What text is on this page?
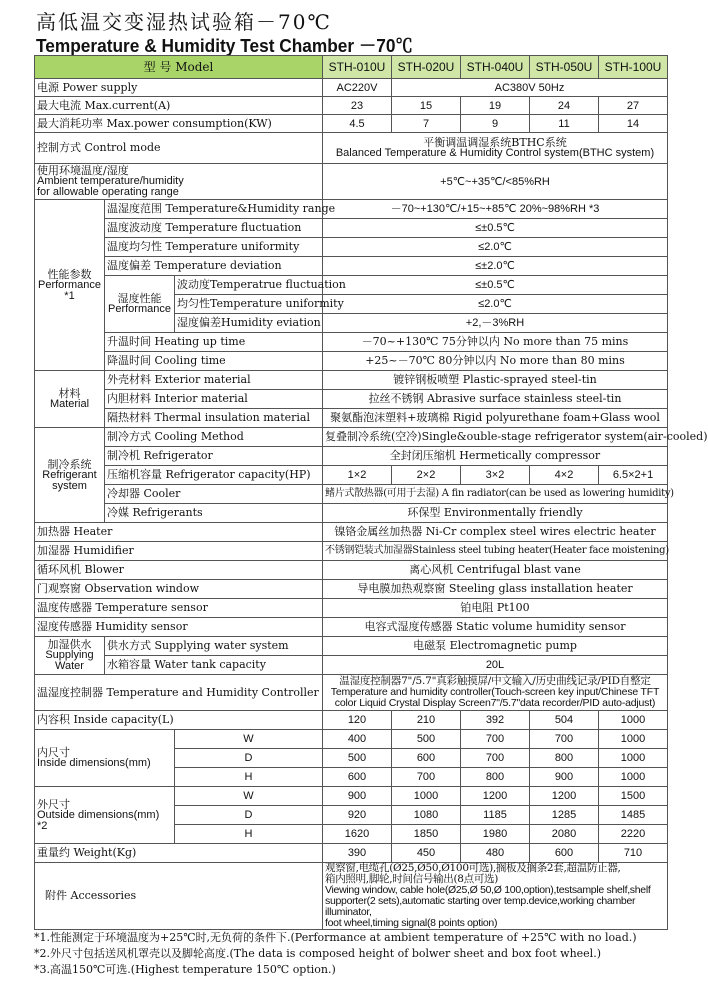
高低温交变湿热试验箱－70℃
Temperature & Humidity Test Chamber －70℃
型 号 Model			STH-010U	STH-020U	STH-040U	STH-050U	STH-100U
电源 Power supply			AC220V	AC380V 50Hz			
最大电流 Max.current(A)			23	15	19	24	27
最大消耗功率 Max.power consumption(KW)			4.5	7	9	11	14
控制方式 Control mode			平衡调温调湿系统BTHC系统
Balanced Temperature & Humidity Control system(BTHC system)				

使用环境温度/湿度
Ambient temperature/humidity
for allowable operating range			+5℃~+35℃/<85%RH				

性能参数
Performance
*1	温湿度范围 Temperature&Humidity range		－70~+130℃/+15~+85℃ 20%~98%RH *3				
	温度波动度 Temperature fluctuation		≤±0.5℃				
	温度均匀性 Temperature uniformity		≤2.0℃				
	温度偏差 Temperature deviation		≤±2.0℃				

	湿度性能
Performance	波动度Temperatrue fluctuation	≤±0.5℃				
		均匀性Temperature uniformity	≤2.0℃				
		湿度偏差Humidity eviation	+2,－3%RH				
	升温时间 Heating up time		－70~+130℃ 75分钟以内 No more than 75 mins				
	降温时间 Cooling time		+25~－70℃ 80分钟以内 No more than 80 mins				

材料
Material	外壳材料 Exterior material		镀锌钢板喷塑 Plastic-sprayed steel-tin				
	内胆材料 Interior material		拉丝不锈钢 Abrasive surface stainless steel-tin				
	隔热材料 Thermal insulation material		聚氨酯泡沫塑料+玻璃棉 Rigid polyurethane foam+Glass wool				

制冷系统
Refrigerant
system	制冷方式 Cooling Method		复叠制冷系统(空冷)Single&ouble-stage refrigerator system(air-cooled)				
	制冷机 Refrigerator		全封闭压缩机 Hermetically compressor				
	压缩机容量 Refrigerator capacity(HP)		1×2	2×2	3×2	4×2	6.5×2+1
	冷却器 Cooler		鳍片式散热器(可用于去湿) A fin radiator(can be used as lowering humidity)				
	冷媒 Refrigerants		环保型 Environmentally friendly				
加热器 Heater			镍铬金属丝加热器 Ni-Cr complex steel wires electric heater				
加湿器 Humidifier			不锈钢铠装式加湿器Stainless steel tubing heater(Heater face moistening)				
循环风机 Blower			离心风机 Centrifugal blast vane				
门观察窗 Observation window			导电膜加热观察窗 Steeling glass installation heater				
温度传感器 Temperature sensor			铂电阻 Pt100				
湿度传感器 Humidity sensor			电容式湿度传感器 Static volume humidity sensor				

加湿供水
Supplying
Water	供水方式 Supplying water system		电磁泵 Electromagnetic pump				
	水箱容量 Water tank capacity		20L				
温湿度控制器 Temperature and Humidity Controller			温湿度控制器7"/5.7"真彩触摸屏/中文输入/历史曲线记录/PID自整定
Temperature and humidity controller(Touch-screen key input/Chinese TFT
color Liquid Crystal Display Screen7"/5.7"data recorder/PID auto-adjust)				

内容积 Inside capacity(L)			120	210	392	504	1000

内尺寸
Inside dimensions(mm)		W	400	500	700	700	1000
		D	500	600	700	800	1000
		H	600	700	800	900	1000

外尺寸
Outside dimensions(mm)
*2		W	900	1000	1200	1200	1500
		D	920	1080	1185	1285	1485
		H	1620	1850	1980	2080	2220
重量约 Weight(Kg)			390	450	480	600	710
附件 Accessories			观察窗,电缆孔(Ø25,Ø50,Ø100可选),搁板及搁条2套,超温防止器,
箱内照明,脚轮,时间信号输出(8点可选)
Viewing window, cable hole(Ø25,Ø 50,Ø 100,option),testsample shelf,shelf
supporter(2 sets),automatic starting over temp.device,working chamber illuminator,
foot wheel,timing signal(8 points option)				
*1.性能测定于环境温度为+25℃时,无负荷的条件下.(Performance at ambient temperature of +25℃ with no load.)
*2.外尺寸包括送风机罩壳以及脚轮高度.(The data is composed height of bolwer sheet and box foot wheel.)
*3.高温150℃可选.(Highest temperature 150℃ option.)
